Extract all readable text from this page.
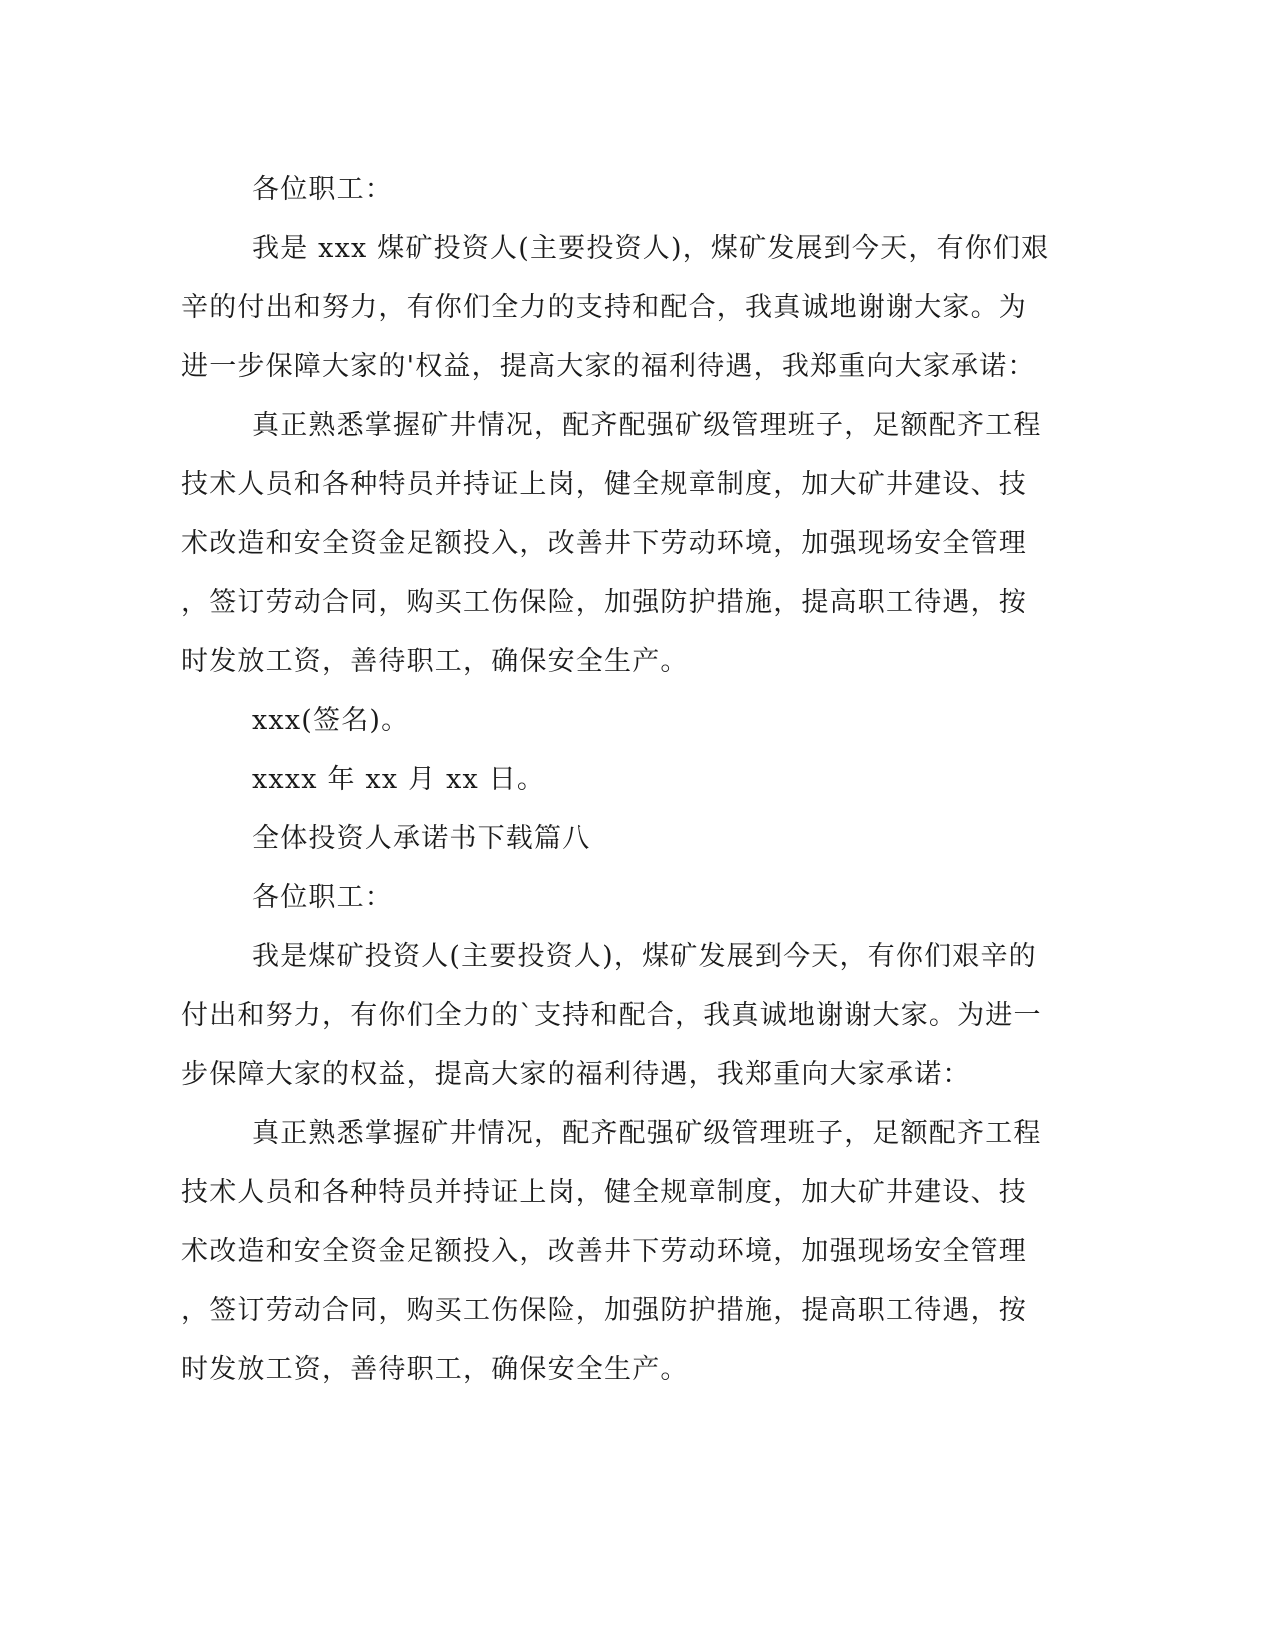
各位职工：
我是 xxx 煤矿投资人(主要投资人)，煤矿发展到今天，有你们艰
辛的付出和努力，有你们全力的支持和配合，我真诚地谢谢大家。为
进一步保障大家的'权益，提高大家的福利待遇，我郑重向大家承诺：
真正熟悉掌握矿井情况，配齐配强矿级管理班子，足额配齐工程
技术人员和各种特员并持证上岗，健全规章制度，加大矿井建设、技
术改造和安全资金足额投入，改善井下劳动环境，加强现场安全管理
，签订劳动合同，购买工伤保险，加强防护措施，提高职工待遇，按
时发放工资，善待职工，确保安全生产。
xxx(签名)。
xxxx 年 xx 月 xx 日。
全体投资人承诺书下载篇八
各位职工：
我是煤矿投资人(主要投资人)，煤矿发展到今天，有你们艰辛的
付出和努力，有你们全力的`支持和配合，我真诚地谢谢大家。为进一
步保障大家的权益，提高大家的福利待遇，我郑重向大家承诺：
真正熟悉掌握矿井情况，配齐配强矿级管理班子，足额配齐工程
技术人员和各种特员并持证上岗，健全规章制度，加大矿井建设、技
术改造和安全资金足额投入，改善井下劳动环境，加强现场安全管理
，签订劳动合同，购买工伤保险，加强防护措施，提高职工待遇，按
时发放工资，善待职工，确保安全生产。
